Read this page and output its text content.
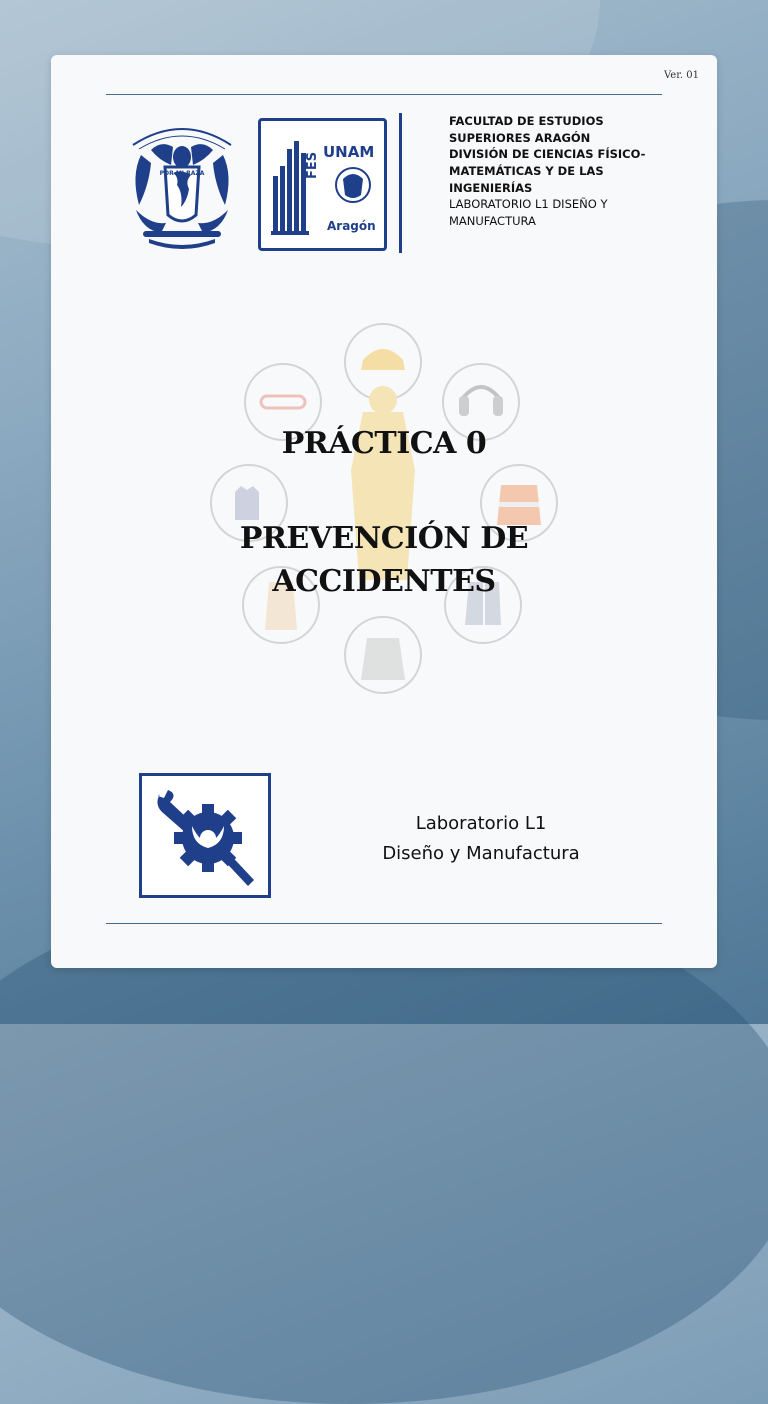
Ver. 01
POR MI RAZA
UNAM
FES
Aragón
FACULTAD DE ESTUDIOS
SUPERIORES ARAGÓN
DIVISIÓN DE CIENCIAS FÍSICO-
MATEMÁTICAS Y DE LAS
INGENIERÍAS
LABORATORIO L1 DISEÑO Y
MANUFACTURA
PRÁCTICA 0
PREVENCIÓN DE
ACCIDENTES
Laboratorio L1
Diseño y Manufactura
